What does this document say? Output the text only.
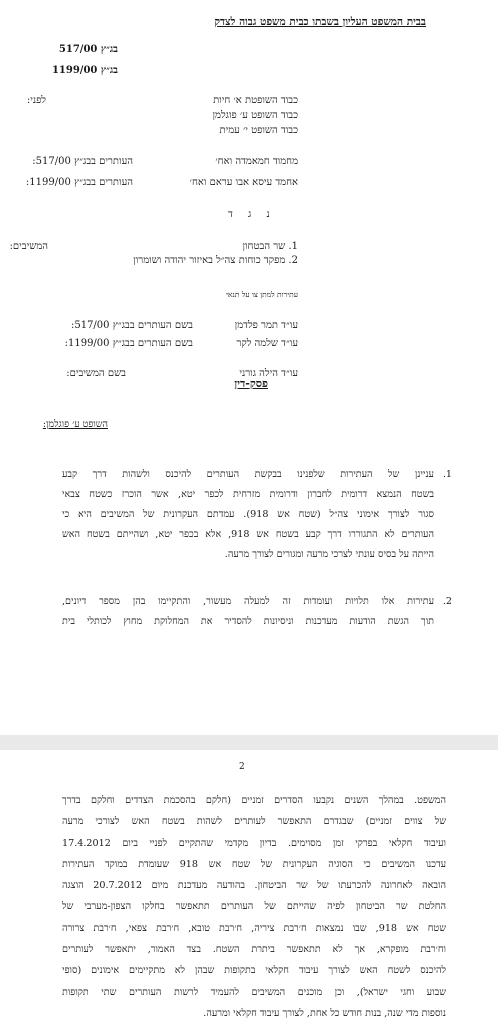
בבית המשפט העליון בשבתו כבית משפט גבוה לצדק
בג״ץ 517/00
בג״ץ 1199/00
לפני:	כבוד השופטת א׳ חיות
כבוד השופט ע׳ פוגלמן
כבוד השופט י׳ עמית
העותרים בבג״ץ 517/00:	מחמוד חמאמדה ואח׳
העותרים בבג״ץ 1199/00:	אחמד עיסא אבו עראם ואח׳
נ ג ד
המשיבים:	1. שר הבטחון
2. מפקד כוחות צה״ל באיזור יהודה ושומרון
עתירות למתן צו על תנאי
בשם העותרים בבג״ץ 517/00:	עו״ד תמר פלדמן
בשם העותרים בבג״ץ 1199/00:	עו״ד שלמה לקר
בשם המשיבים:	עו״ד הילה גורני
פסק-דין
השופט ע׳ פוגלמן:
1.
עניינן של העתירות שלפנינו בבקשת העותרים להיכנס ולשהות דרך קבע
בשטח הנמצא דרומית לחברון ודרומית מזרחית לכפר יטא, אשר הוכרז כשטח צבאי
סגור לצורך אימוני צה״ל (שטח אש 918). עמדתם העקרונית של המשיבים היא כי
העותרים לא התגוררו דרך קבע בשטח אש 918, אלא בכפר יטא, ושהייתם בשטח האש
הייתה על בסיס עונתי לצרכי מרעה ומגורים לצורך מרעה.
2.
עתירות אלו תלויות ועומדות זה למעלה מעשור, והתקיימו בהן מספר דיונים,
תוך הגשת הודעות מעדכנות וניסיונות להסדיר את המחלוקת מחוץ לכותלי בית
2
המשפט. במהלך השנים נקבעו הסדרים זמניים (חלקם בהסכמת הצדדים וחלקם בדרך
של צווים זמניים) שבגדרם התאפשר לעותרים לשהות בשטח האש לצורכי מרעה
ועיבוד חקלאי בפרקי זמן מסוימים. בדיון מקדמי שהתקיים לפניי ביום 17.4.2012
עדכנו המשיבים כי הסוגיה העקרונית של שטח אש 918 שעומדת במוקד העתירות
הובאה לאחרונה להכרעתו של שר הביטחון. בהודעה מעדכנת מיום 20.7.2012 הוצגה
החלטת שר הביטחון לפיה שהייתם של העותרים תתאפשר בחלקו הצפון-מערבי של
שטח אש 918, שבו נמצאות ח׳רבת ציריה, ח׳רבת טובא, ח׳רבת צפאי, ח׳רבת צרורה
וח׳רבת מופקרא, אך לא תתאפשר ביתרת השטח. בצד האמור, יתאפשר לעותרים
להיכנס לשטח האש לצורך עיבוד חקלאי בתקופות שבהן לא מתקיימים אימונים (סופי
שבוע וחגי ישראל), וכן מוכנים המשיבים להעמיד לרשות העותרים שתי תקופות
נוספות מדי שנה, בנות חודש כל אחת, לצורך עיבוד חקלאי ומרעה.
